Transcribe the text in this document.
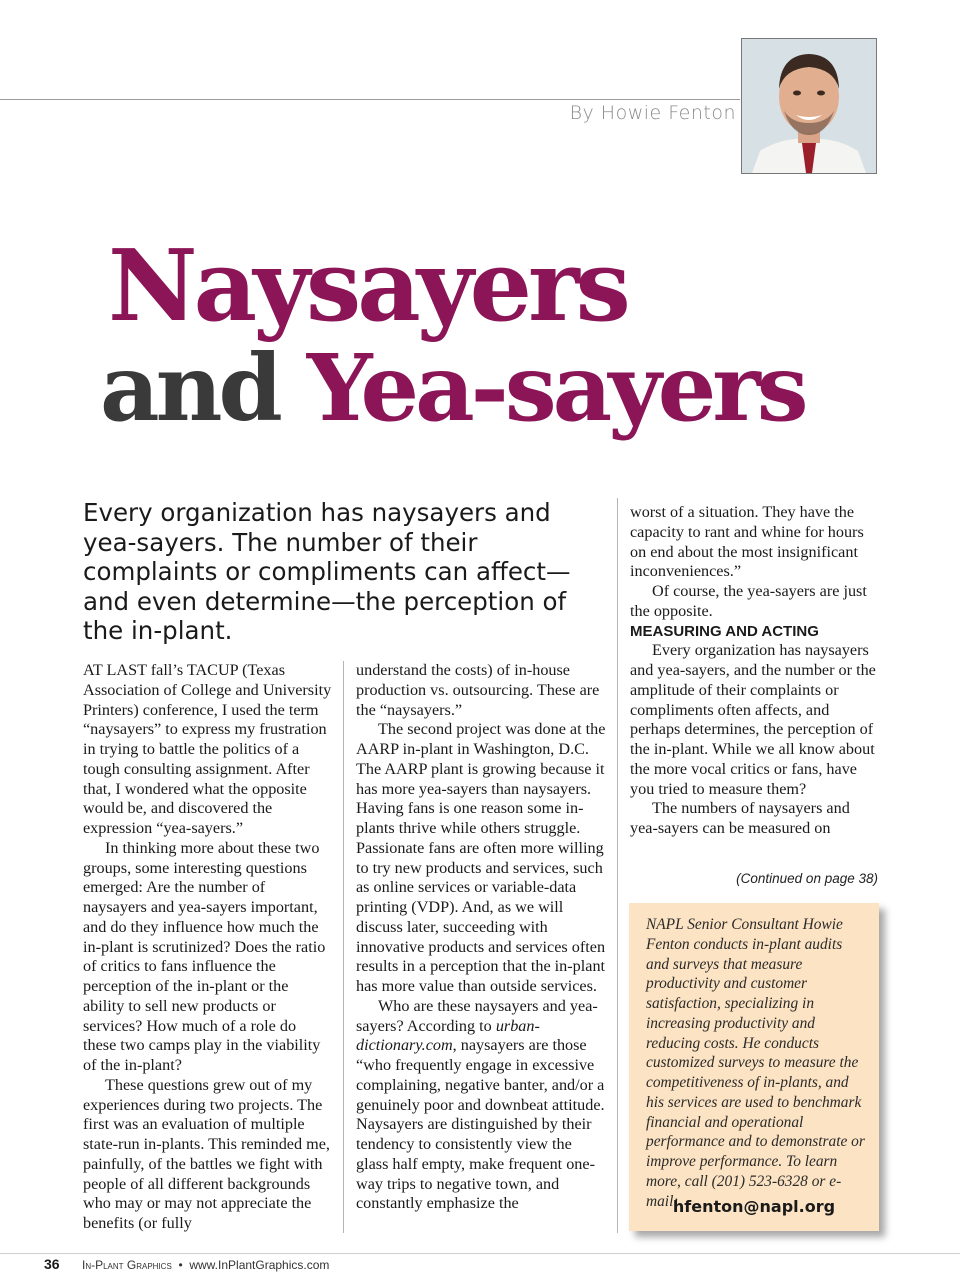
By Howie Fenton
Naysayers
and Yea-sayers
Every organization has naysayers and yea-sayers. The number of their complaints or compliments can affect—and even determine—the perception of the in-plant.

AT LAST fall’s TACUP (Texas Association of College and University Printers) conference, I used the term “naysayers” to express my frustration in trying to battle the politics of a tough consulting assignment. After that, I wondered what the opposite would be, and discovered the expression “yea-sayers.”

In thinking more about these two groups, some interesting questions emerged: Are the number of naysayers and yea-sayers important, and do they influence how much the in-plant is scrutinized? Does the ratio of critics to fans influence the perception of the in-plant or the ability to sell new products or services? How much of a role do these two camps play in the viability of the in-plant?

These questions grew out of my experiences during two projects. The first was an evaluation of multiple state-run in-plants. This reminded me, painfully, of the battles we fight with people of all different backgrounds who may or may not appreciate the benefits (or fully

understand the costs) of in-house production vs. outsourcing. These are the “naysayers.”

The second project was done at the AARP in-plant in Washington, D.C. The AARP plant is growing because it has more yea-sayers than naysayers. Having fans is one reason some in-plants thrive while others struggle. Passionate fans are often more willing to try new products and services, such as online services or variable-data printing (VDP). And, as we will discuss later, succeeding with innovative products and services often results in a perception that the in-plant has more value than outside services.

Who are these naysayers and yea-sayers? According to urban-dictionary.com, naysayers are those “who frequently engage in excessive complaining, negative banter, and/or a genuinely poor and downbeat attitude. Naysayers are distinguished by their tendency to consistently view the glass half empty, make frequent one-way trips to negative town, and constantly emphasize the

worst of a situation. They have the capacity to rant and whine for hours on end about the most insignificant inconveniences.”

Of course, the yea-sayers are just the opposite.

MEASURING AND ACTING

Every organization has naysayers and yea-sayers, and the number or the amplitude of their complaints or compliments often affects, and perhaps determines, the perception of the in-plant. While we all know about the more vocal critics or fans, have you tried to measure them?

The numbers of naysayers and yea-sayers can be measured on

(Continued on page 38)
NAPL Senior Consultant Howie Fenton conducts in-plant audits and surveys that measure productivity and customer satisfaction, specializing in increasing productivity and reducing costs. He conducts customized surveys to measure the competitiveness of in-plants, and his services are used to benchmark financial and operational performance and to demonstrate or improve performance. To learn more, call (201) 523-6328 or e-mail:
hfenton@napl.org
36 In-Plant Graphics • www.InPlantGraphics.com
